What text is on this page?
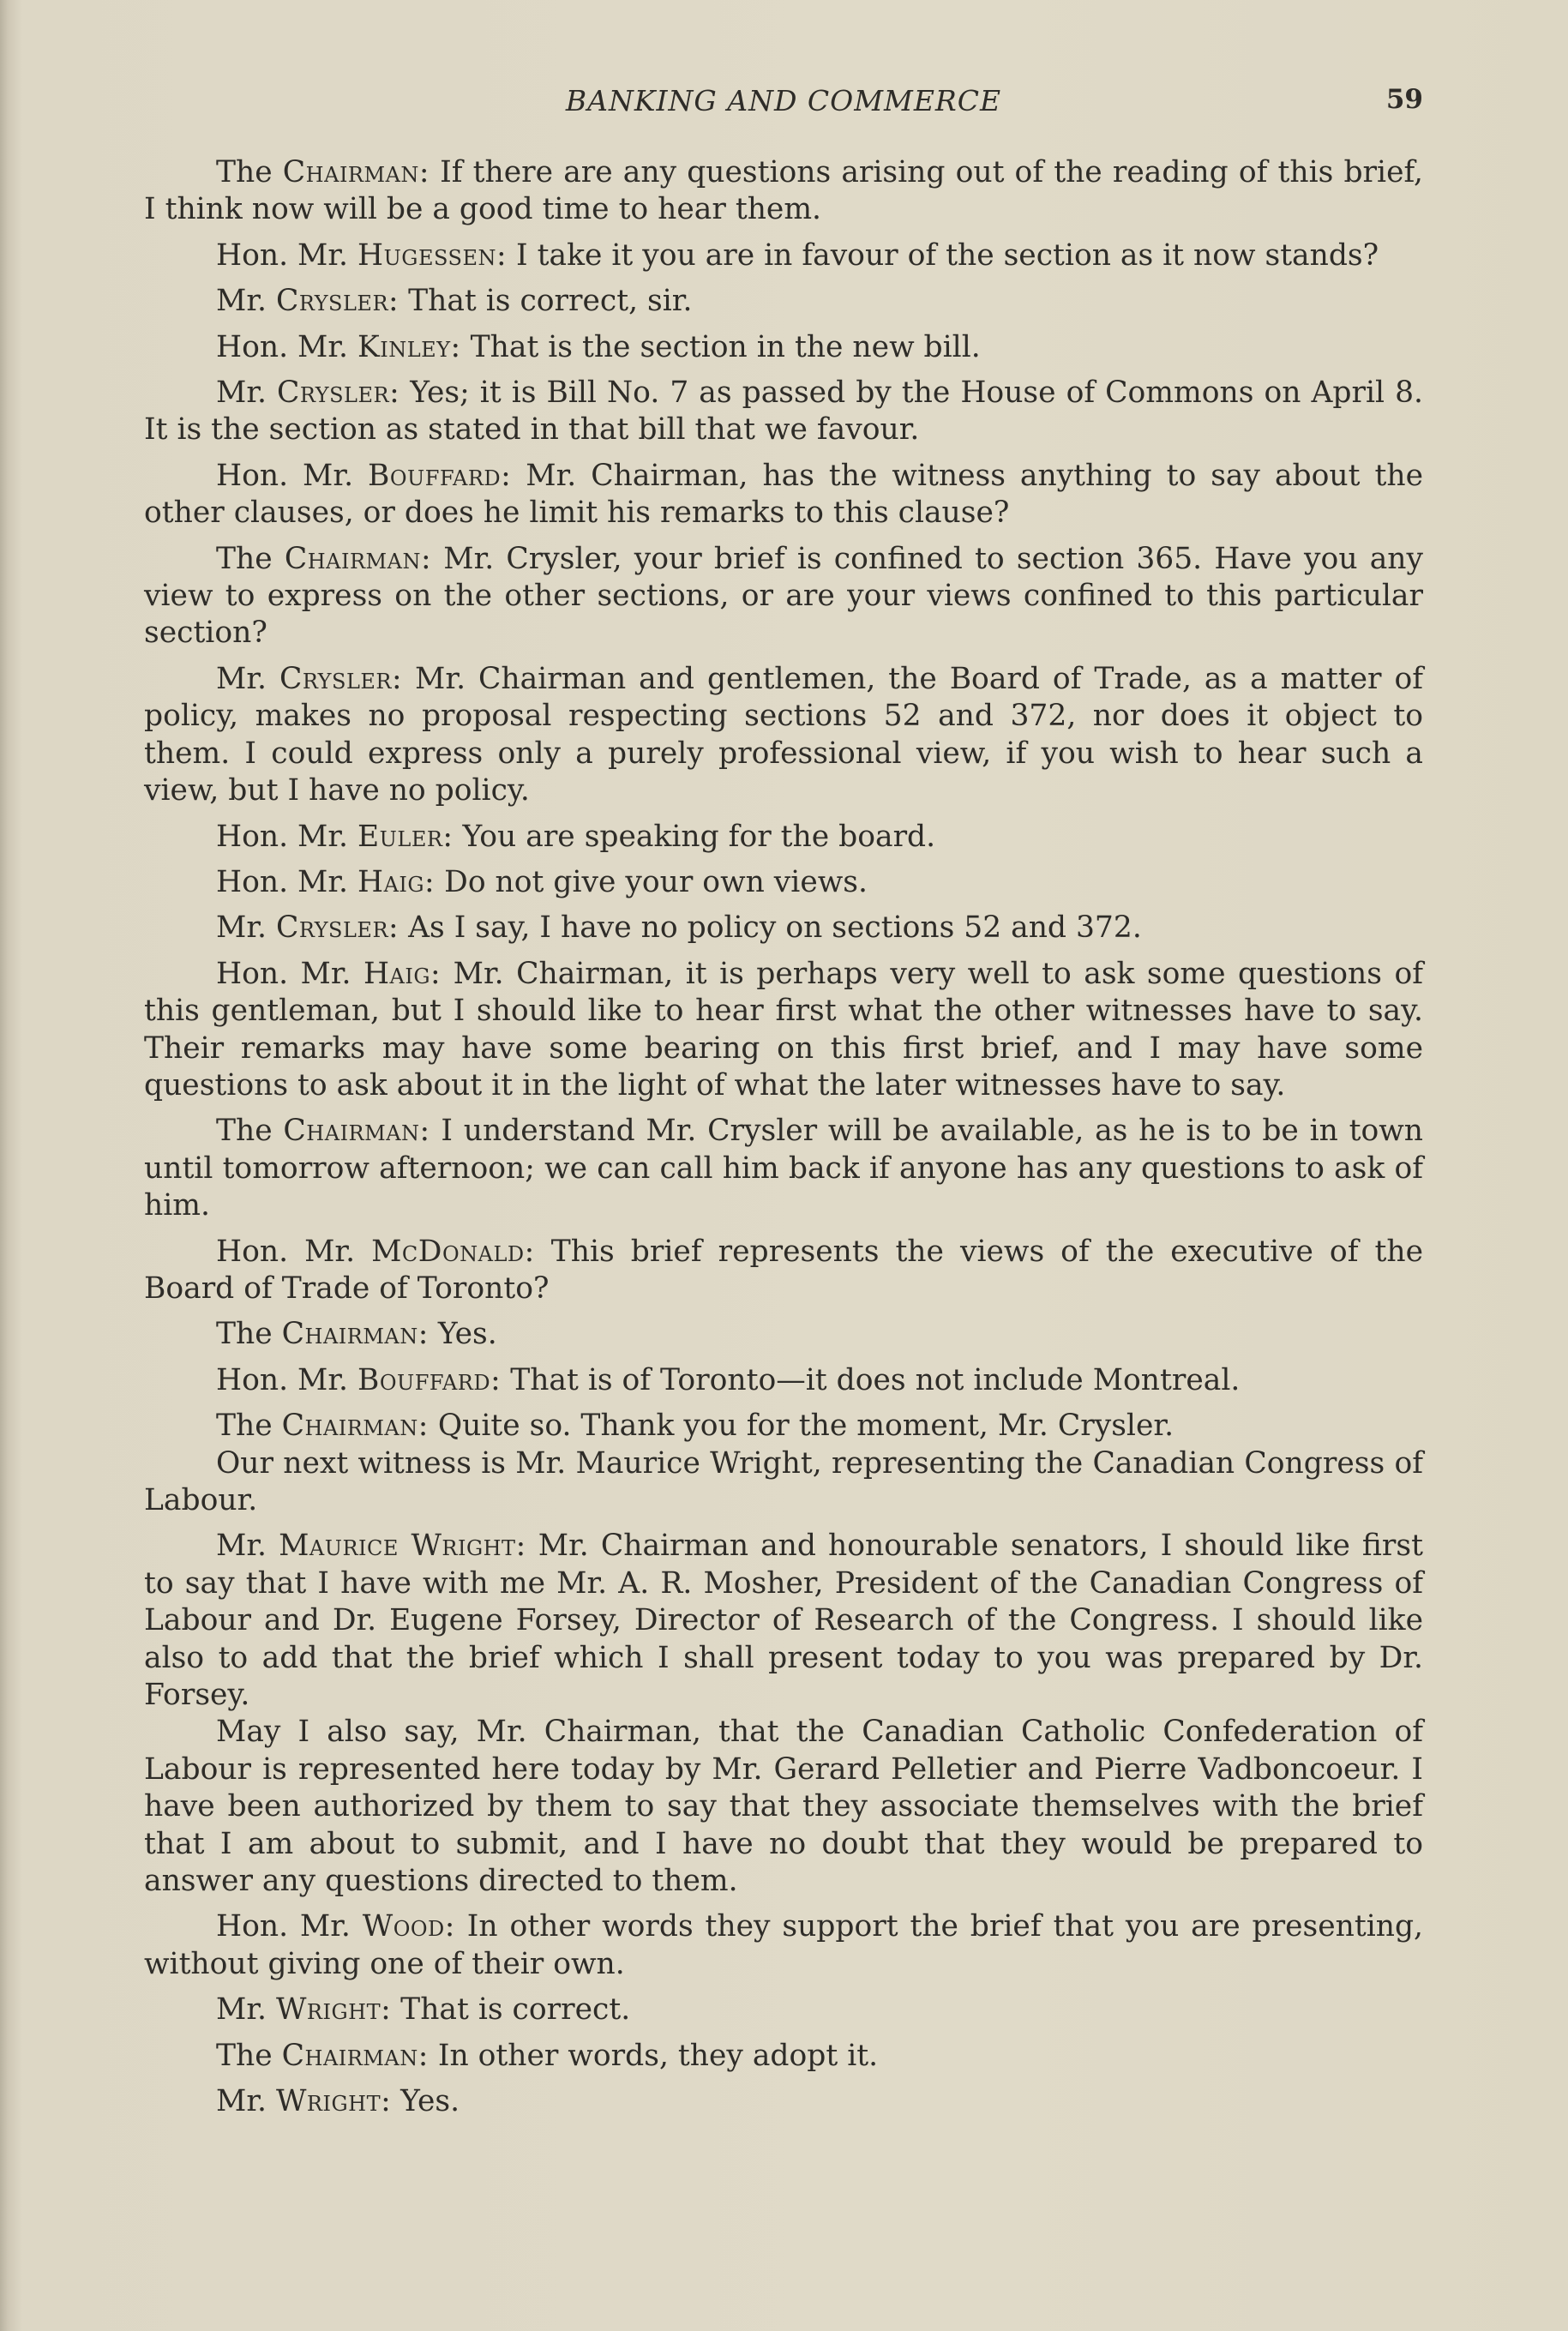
BANKING AND COMMERCE	59

The Chairman: If there are any questions arising out of the reading of this brief, I think now will be a good time to hear them.

Hon. Mr. Hugessen: I take it you are in favour of the section as it now stands?

Mr. Crysler: That is correct, sir.

Hon. Mr. Kinley: That is the section in the new bill.

Mr. Crysler: Yes; it is Bill No. 7 as passed by the House of Commons on April 8. It is the section as stated in that bill that we favour.

Hon. Mr. Bouffard: Mr. Chairman, has the witness anything to say about the other clauses, or does he limit his remarks to this clause?

The Chairman: Mr. Crysler, your brief is confined to section 365. Have you any view to express on the other sections, or are your views confined to this particular section?

Mr. Crysler: Mr. Chairman and gentlemen, the Board of Trade, as a matter of policy, makes no proposal respecting sections 52 and 372, nor does it object to them. I could express only a purely professional view, if you wish to hear such a view, but I have no policy.

Hon. Mr. Euler: You are speaking for the board.

Hon. Mr. Haig: Do not give your own views.

Mr. Crysler: As I say, I have no policy on sections 52 and 372.

Hon. Mr. Haig: Mr. Chairman, it is perhaps very well to ask some questions of this gentleman, but I should like to hear first what the other witnesses have to say. Their remarks may have some bearing on this first brief, and I may have some questions to ask about it in the light of what the later witnesses have to say.

The Chairman: I understand Mr. Crysler will be available, as he is to be in town until tomorrow afternoon; we can call him back if anyone has any questions to ask of him.

Hon. Mr. McDonald: This brief represents the views of the executive of the Board of Trade of Toronto?

The Chairman: Yes.

Hon. Mr. Bouffard: That is of Toronto—it does not include Montreal.

The Chairman: Quite so. Thank you for the moment, Mr. Crysler.

Our next witness is Mr. Maurice Wright, representing the Canadian Congress of Labour.

Mr. Maurice Wright: Mr. Chairman and honourable senators, I should like first to say that I have with me Mr. A. R. Mosher, President of the Canadian Congress of Labour and Dr. Eugene Forsey, Director of Research of the Congress. I should like also to add that the brief which I shall present today to you was prepared by Dr. Forsey.

May I also say, Mr. Chairman, that the Canadian Catholic Confederation of Labour is represented here today by Mr. Gerard Pelletier and Pierre Vadboncoeur. I have been authorized by them to say that they associate themselves with the brief that I am about to submit, and I have no doubt that they would be prepared to answer any questions directed to them.

Hon. Mr. Wood: In other words they support the brief that you are presenting, without giving one of their own.

Mr. Wright: That is correct.

The Chairman: In other words, they adopt it.

Mr. Wright: Yes.
